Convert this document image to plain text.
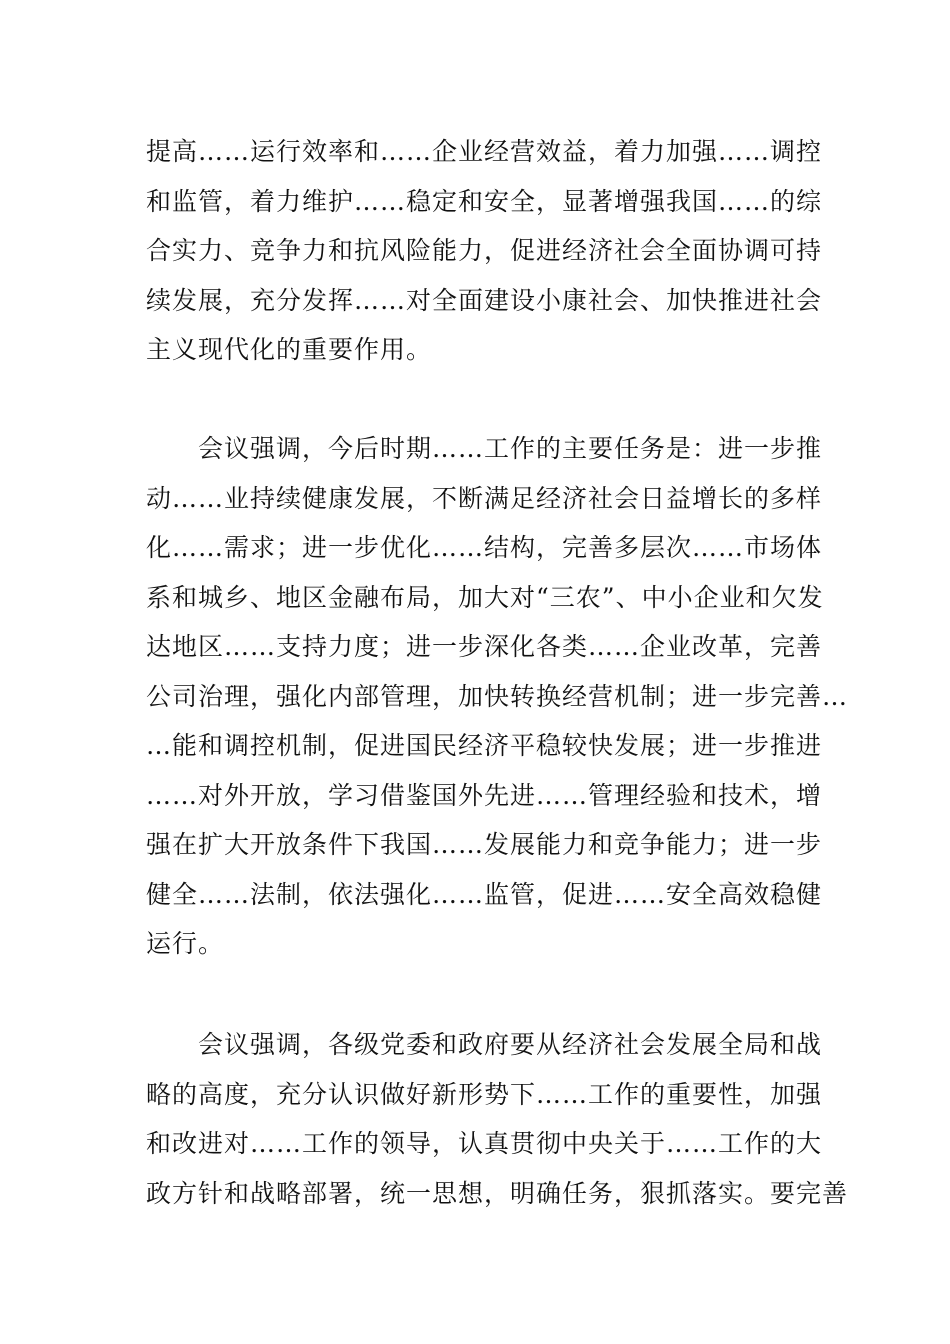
提高……运行效率和……企业经营效益，着力加强……调控
和监管，着力维护……稳定和安全，显著增强我国……的综
合实力、竞争力和抗风险能力，促进经济社会全面协调可持
续发展，充分发挥……对全面建设小康社会、加快推进社会
主义现代化的重要作用。
　　会议强调，今后时期……工作的主要任务是：进一步推
动……业持续健康发展，不断满足经济社会日益增长的多样
化……需求；进一步优化……结构，完善多层次……市场体
系和城乡、地区金融布局，加大对“三农”、中小企业和欠发
达地区……支持力度；进一步深化各类……企业改革，完善
公司治理，强化内部管理，加快转换经营机制；进一步完善…
…能和调控机制，促进国民经济平稳较快发展；进一步推进
……对外开放，学习借鉴国外先进……管理经验和技术，增
强在扩大开放条件下我国……发展能力和竞争能力；进一步
健全……法制，依法强化……监管，促进……安全高效稳健
运行。
　　会议强调，各级党委和政府要从经济社会发展全局和战
略的高度，充分认识做好新形势下……工作的重要性，加强
和改进对……工作的领导，认真贯彻中央关于……工作的大
政方针和战略部署，统一思想，明确任务，狠抓落实。要完善
